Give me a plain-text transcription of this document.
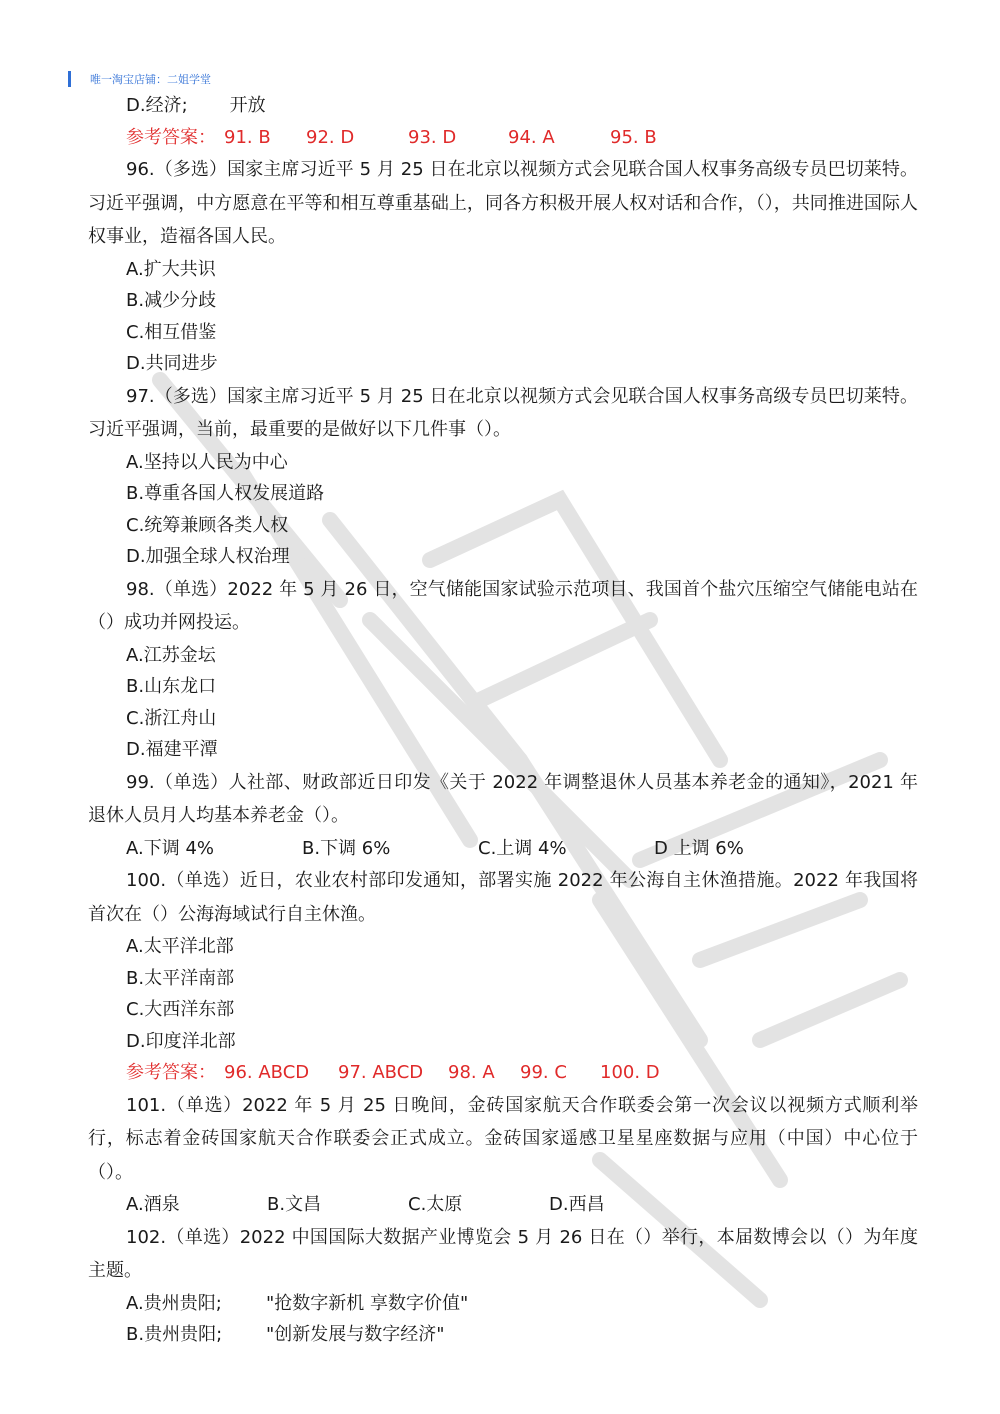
唯一淘宝店铺：二姐学堂

D.经济; 开放

参考答案： 91. B 92. D	93. D	94. A	95. B

96.（多选）国家主席习近平 5 月 25 日在北京以视频方式会见联合国人权事务高级专员巴切莱特。习近平强调，中方愿意在平等和相互尊重基础上，同各方积极开展人权对话和合作，（），共同推进国际人权事业，造福各国人民。

A.扩大共识

B.减少分歧

C.相互借鉴

D.共同进步

97.（多选）国家主席习近平 5 月 25 日在北京以视频方式会见联合国人权事务高级专员巴切莱特。习近平强调，当前，最重要的是做好以下几件事（）。

A.坚持以人民为中心

B.尊重各国人权发展道路

C.统筹兼顾各类人权

D.加强全球人权治理

98.（单选）2022 年 5 月 26 日，空气储能国家试验示范项目、我国首个盐穴压缩空气储能电站在（）成功并网投运。

A.江苏金坛

B.山东龙口

C.浙江舟山

D.福建平潭

99.（单选）人社部、财政部近日印发《关于 2022 年调整退休人员基本养老金的通知》，2021 年退休人员月人均基本养老金（）。

A.下调 4%	B.下调 6%	C.上调 4%	D 上调 6%

100.（单选）近日，农业农村部印发通知，部署实施 2022 年公海自主休渔措施。2022 年我国将首次在（）公海海域试行自主休渔。

A.太平洋北部

B.太平洋南部

C.大西洋东部

D.印度洋北部

参考答案： 96. ABCD 97. ABCD 98. A 99. C 100. D

101.（单选）2022 年 5 月 25 日晚间，金砖国家航天合作联委会第一次会议以视频方式顺利举行，标志着金砖国家航天合作联委会正式成立。金砖国家遥感卫星星座数据与应用（中国）中心位于（）。

A.酒泉	B.文昌	C.太原	D.西昌

102.（单选）2022 中国国际大数据产业博览会 5 月 26 日在（）举行，本届数博会以（）为年度主题。

A.贵州贵阳;	"抢数字新机 享数字价值"
B.贵州贵阳;	"创新发展与数字经济"
